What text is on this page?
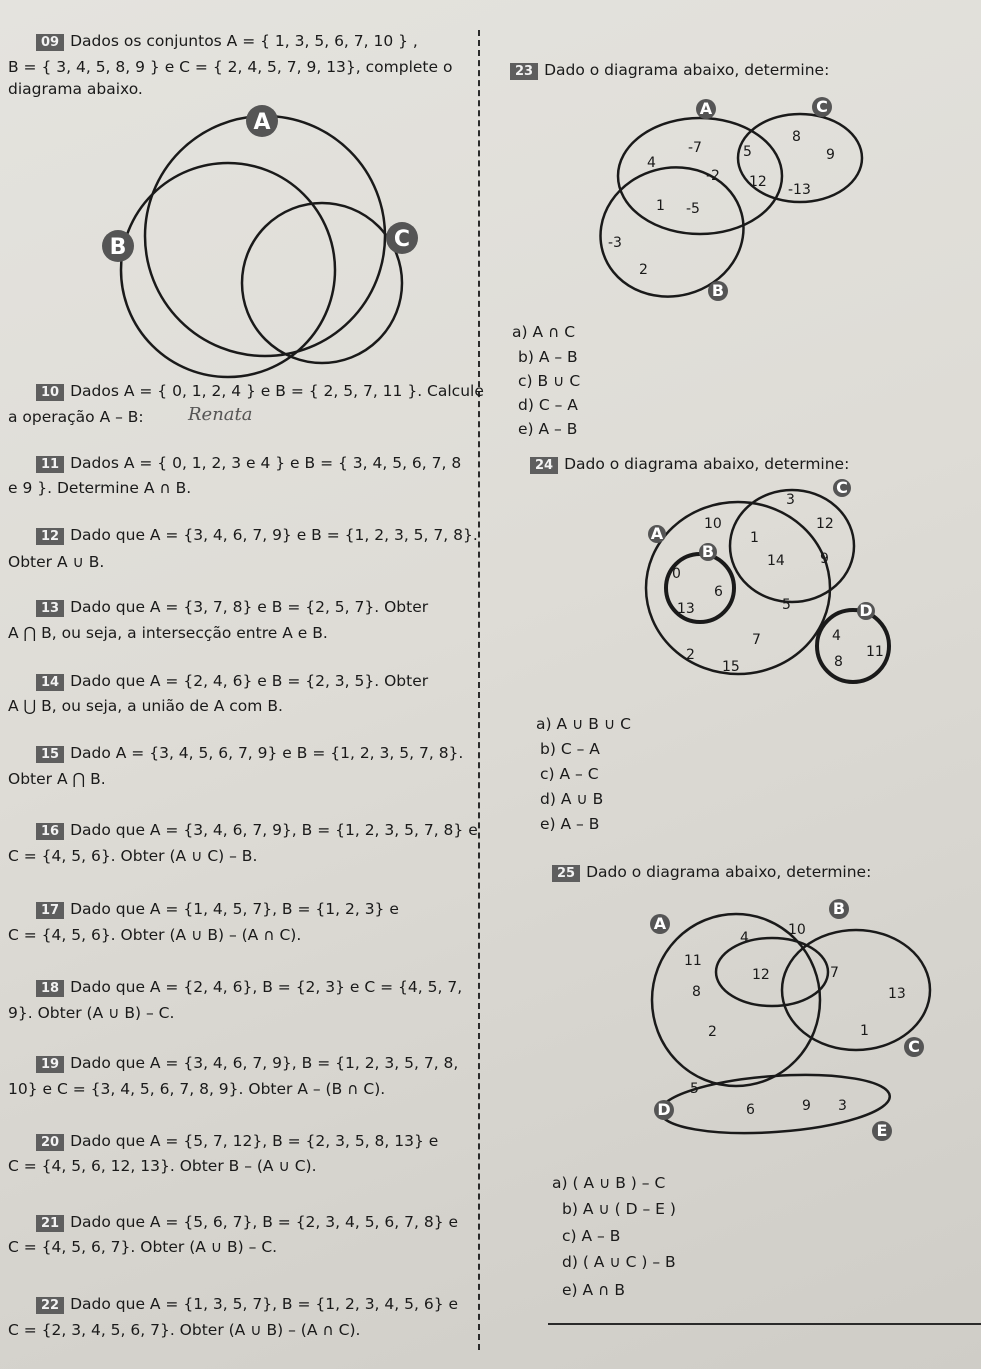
09 Dados os conjuntos A = { 1, 3, 5, 6, 7, 10 } ,
B = { 3, 4, 5, 8, 9 } e C = { 2, 4, 5, 7, 9, 13}, complete o
diagrama abaixo.
A
B	C
A	C
B
-7
4
-2
1 -5
-3
2
5
12
8
9
-13
A
B
C
D
3
10
1
12
14	9
0
6
13	5
7
2
15
4
11
8
A
B
C
D
E
4	10
11
12	7
8	13
2	1
5
6	9 3
10 Dados A = { 0, 1, 2, 4 } e B = { 2, 5, 7, 11 }. Calcule
a operação A – B: Renata
11 Dados A = { 0, 1, 2, 3 e 4 } e B = { 3, 4, 5, 6, 7, 8
e 9 }. Determine A ∩ B.
12 Dado que A = {3, 4, 6, 7, 9} e B = {1, 2, 3, 5, 7, 8}.
Obter A ∪ B.
13 Dado que A = {3, 7, 8} e B = {2, 5, 7}. Obter
A ⋂ B, ou seja, a intersecção entre A e B.
14 Dado que A = {2, 4, 6} e B = {2, 3, 5}. Obter
A ⋃ B, ou seja, a união de A com B.
15 Dado A = {3, 4, 5, 6, 7, 9} e B = {1, 2, 3, 5, 7, 8}.
Obter A ⋂ B.
16 Dado que A = {3, 4, 6, 7, 9}, B = {1, 2, 3, 5, 7, 8} e
C = {4, 5, 6}. Obter (A ∪ C) – B.
17 Dado que A = {1, 4, 5, 7}, B = {1, 2, 3} e
C = {4, 5, 6}. Obter (A ∪ B) – (A ∩ C).
18 Dado que A = {2, 4, 6}, B = {2, 3} e C = {4, 5, 7,
9}. Obter (A ∪ B) – C.
19 Dado que A = {3, 4, 6, 7, 9}, B = {1, 2, 3, 5, 7, 8,
10} e C = {3, 4, 5, 6, 7, 8, 9}. Obter A – (B ∩ C).
20 Dado que A = {5, 7, 12}, B = {2, 3, 5, 8, 13} e
C = {4, 5, 6, 12, 13}. Obter B – (A ∪ C).
21 Dado que A = {5, 6, 7}, B = {2, 3, 4, 5, 6, 7, 8} e
C = {4, 5, 6, 7}. Obter (A ∪ B) – C.
22 Dado que A = {1, 3, 5, 7}, B = {1, 2, 3, 4, 5, 6} e
C = {2, 3, 4, 5, 6, 7}. Obter (A ∪ B) – (A ∩ C).
23 Dado o diagrama abaixo, determine:
a) A ∩ C
b) A – B
c) B ∪ C
d) C – A
e) A – B
24 Dado o diagrama abaixo, determine:
a) A ∪ B ∪ C
b) C – A
c) A – C
d) A ∪ B
e) A – B
25 Dado o diagrama abaixo, determine:
a) ( A ∪ B ) – C
b) A ∪ ( D – E )
c) A – B
d) ( A ∪ C ) – B
e) A ∩ B
